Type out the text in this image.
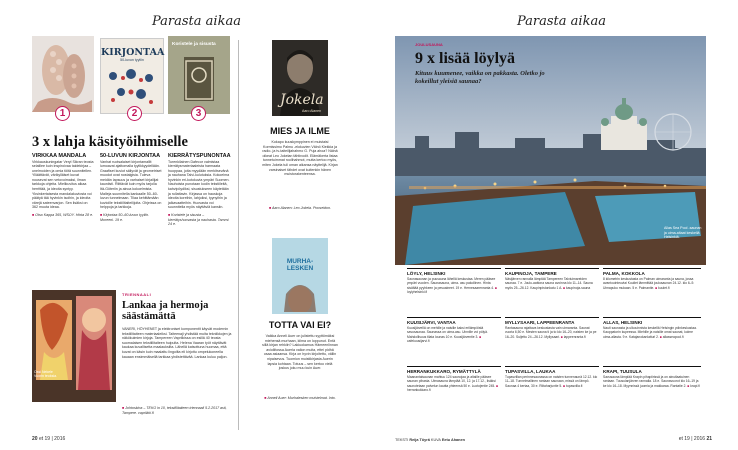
Parasta aikaa
KIRJONTAA
50-luvun tyyliin
Koristele ja sisusta
1	2	3
3 x lahja käsityöihmiselle
VIRKKAA MANDALA
Virkkauskuningatar Veryl Sikran teosta selaillee kuin inspiroivaa taidekirjaa – unelmoiden ja omia töitä suunnitellen. Ylläättävät, värikylläiset kuvat nousevat sen vetovoimaksi, ilman tarkkoja ohjeita. Mielikuvitus alkaa herrittää, ja ideoita syntyy. Yksinkertaisesta mandalakuviosta voi päätyä tää hyvinkin isoihin, ja ideoita värejä sateenvarjon. Sen lisäksi on 362 muuta ideaa.
■ Otso Kappa 365, WSOY. Hinta 28 e.
50-LUVUN KIRJONTAA
Vanhat ruotsalaiset kirjontamallit lumoavat ajattomalla tyylikkyydellään. Graafiset kuviot säilyvät ja geometriset muodot ovat nostalgisia. Tuleva meidän lapsuus ja varhaiset kirjailijat kauniisti. Riittävät kuin myös tarjolla Itä-Göteriin ja ainoa kokoelmista. Malleja suunnitella kankaalle 50–60-luvun tunnelmaan. Tilaa kehittämään kuvioille tekstiilitaiteilijoita. Ohjeissa on helppoja ja tarkkoja.
■ Kirjontaa 50–60-luvun tyyliin. Moreeni. 19 e.
KIERRÄTYSPUNONTAA
Turenkilainen Dafecor valmistaa kierrätysmateriaaleista harmaata huoppaa, joita myydään merkitsevänä ja nauhana Talvi-kulutuksia. Kokoelma hyvinkin eri-kotokuvia ympäri Suomen. Nauhoista punotaan kodin tekstiileitä, kahvipöydiksi, sisustukseen käytetään ja rullattavin. Kirjassa on hauskoja ideoita koreihin, lahjoiksi, tyynyihin ja jalkavaatteihin. Huovasta voi suunnitella myös näyttäviä kansiin.
■ Koristele ja sisusta – kierrätyshuovasta ja nauhasta. Tammi. 24 e.
Jokela
Aaro Alanen
MIES JA ILME
Kokapo kuuskymppinen ei muistaisi Kormissimo Palmu -elokuvien Väinö Kiekkia ja radio- ja tv-taiteilijahahmo G. Puja ahoa? Näinä oikeat Leo Jokelan tähtiroolit. Elämäkerta listaa tunnetuimmat roolihahmot, mutta kertoo myös, miten Jokela tuli oman aikansa näyttelijä. Kirjan varsinaiset tähdet ovat kuitenkin hänen muistorakenteensa.
■ Aaro Alanen: Leo Jokela. Pooseidon.
MURHA-LESKEN
TOTTA VAI EI?
Vaikka Anneli Auer on julistettu syyttömäksi miehensä murhaan, kiima on loppunut. Entä sillä kirjan rehkiin? Lakiuokamus Hämeenlinnan avioliitossa Auerla valion muita, ettei pidhä osaa asiaansa. Kirja on hyvin kirjoitettu, vällin nipaisevus. Tuomion muistikirjasta Auerin lapsia kohtaan. Totuus – sen kertoo vielä joskus joku muu kuin Auer.
■ Anneli Auer: Murhalesken muistelmat. Into.
Ossi Nekele Vuorin teoksia.
TRIENNAALI
Lankaa ja hermoja säästämättä
VANERI, HÖYHENET ja elektroniset komponentit käyvät modernin tekstiilitaiteen materiaaleiksi. Taiteenaji yhdistää muita tekniikkojen ja näkökulmien kirjoja. Tampereen Vapriikissa on esillä 40 teosta suomalaisen tekstiilitaiteen huipulta. Helena Vaaran työt näyttävät kaukaa kuvallisetta maalauksilta. Lähellä katsottuna huomaa, että kuvat on käsin kuin maalattu lingoilta eli kirjottu ompelukoneella kauaan ensimmäisellä tarkkaa yhdistettävää. Lankaa kuluu paljon.
■ Johtoskina – TEKO in 10, tekstiilitaiteen triennaali 5.2.2017 asti, Tampere. vapriikki.fi
20 et 19 | 2016
Parasta aikaa
JOULUSAUNA
9 x lisää löylyä
Kituus kuumenee, vaikka on pakkasta. Oletko jo kokeillut yleisiä saunaa?
Allas Sea Pool -saunan ja uima-altaat keskellä Helsinkiä.
LÖYLY, HELSINKI
Saunasaunan ja puusauna lähellä keskustaa. Meren pääsee ympäri vuoden. Saunasauna, uima- asu pakollinen. Hinta sisältää pyyhkeen ja pesuaineet. 19 e. Hernesaarenranta 4. ■ loylyhelsinki.fi
KAUPINOJA, TAMPERE
Näsijärven rannalla lämpiää Tampereen Talviuimareiden saunaa. 7 e. Joulu-aattona sauna avoinna klo 11–14. Sauna myös 25.–26.12. Kaupinpistonkatu 1 A. ■ kaupinoja-sauna
PALMA, KOKKOLA
8 kilometrin keskustasta on Palman uimaranta ja sauna, jossa avantouinteuviai Kuuliet lämmittää joulusaunan 24.12. klo 6–9. Uimapuku mukaan. 5 e. Palmantie. ■ kuulet.fi
KUUSIJÄRVI, VANTAA
Kuusijärvellä on mehille ja naisille kaksi erilämpöistä savusaunaa. Saunassa on uima-asu. Uinnille voi pölyä. Mahdollisuus tilata lounas 10 e. Kuusijärventie 3. ■ cafekuusijarvi.fi
MYLLYSAARI, LAPPEENRANTA
Rantasauna rajattava keskustasta vain uimaranta. Saunat vuoria 6,50 e. Mesten sauna ti ja to klo 16–20, naisten ke ja pe 16–20. Suljettu 24.–26.12. Myllysaari. ■ lappeenranta.fi
ALLAS, HELSINKI
Nauti saunasta ja ulkouinnista keskellä Helsingin ydinkeskustaa. Kauppatorin kupeessa. Miehille ja naisille omat saunat, kolme uima-allasta. 9 e. Katajanokanlaituri 2. ■ allasseapool.fi
HERRANKUKKARO, RYMÄTTYLÄ
Maanantaisaunan mahtuu 124 saunojaa ja altaille pääsee saunan pihasta. Uimasauna lämpiää 10, 12. ja 17.12., lisäksi saunotetaan palvelun kautta yhteensä 50 e. Luotojentie 245. ■ herrankukkaro.fi
TUPASVILLA, LAUKAA
Tupasvillan perinnesaunassa on naisten tunnenaunä 12.12. klo 11–18. Tunnelmallinen rantaan saunaan, missä on lämpö. Saunaa 4 kertaa, 30 e. Riitaharjuntie 5. ■ tupasvilla.fi
KRAPI, TUUSULA
Savusauna lämpiää Krapin pihapiirissä ja on ainutlaatuinen rantaan. Tuusulanjärven rannalla. 18 e. Saunavuorot klo 16–19 ja ke klo 16–18. Myynnissä juomia ja makkaraa. Rantatie 2. ■ krapi.fi
TEKSTI Reija Töyrä KUVA Eetu Ahanen	et 19 | 2016 21
